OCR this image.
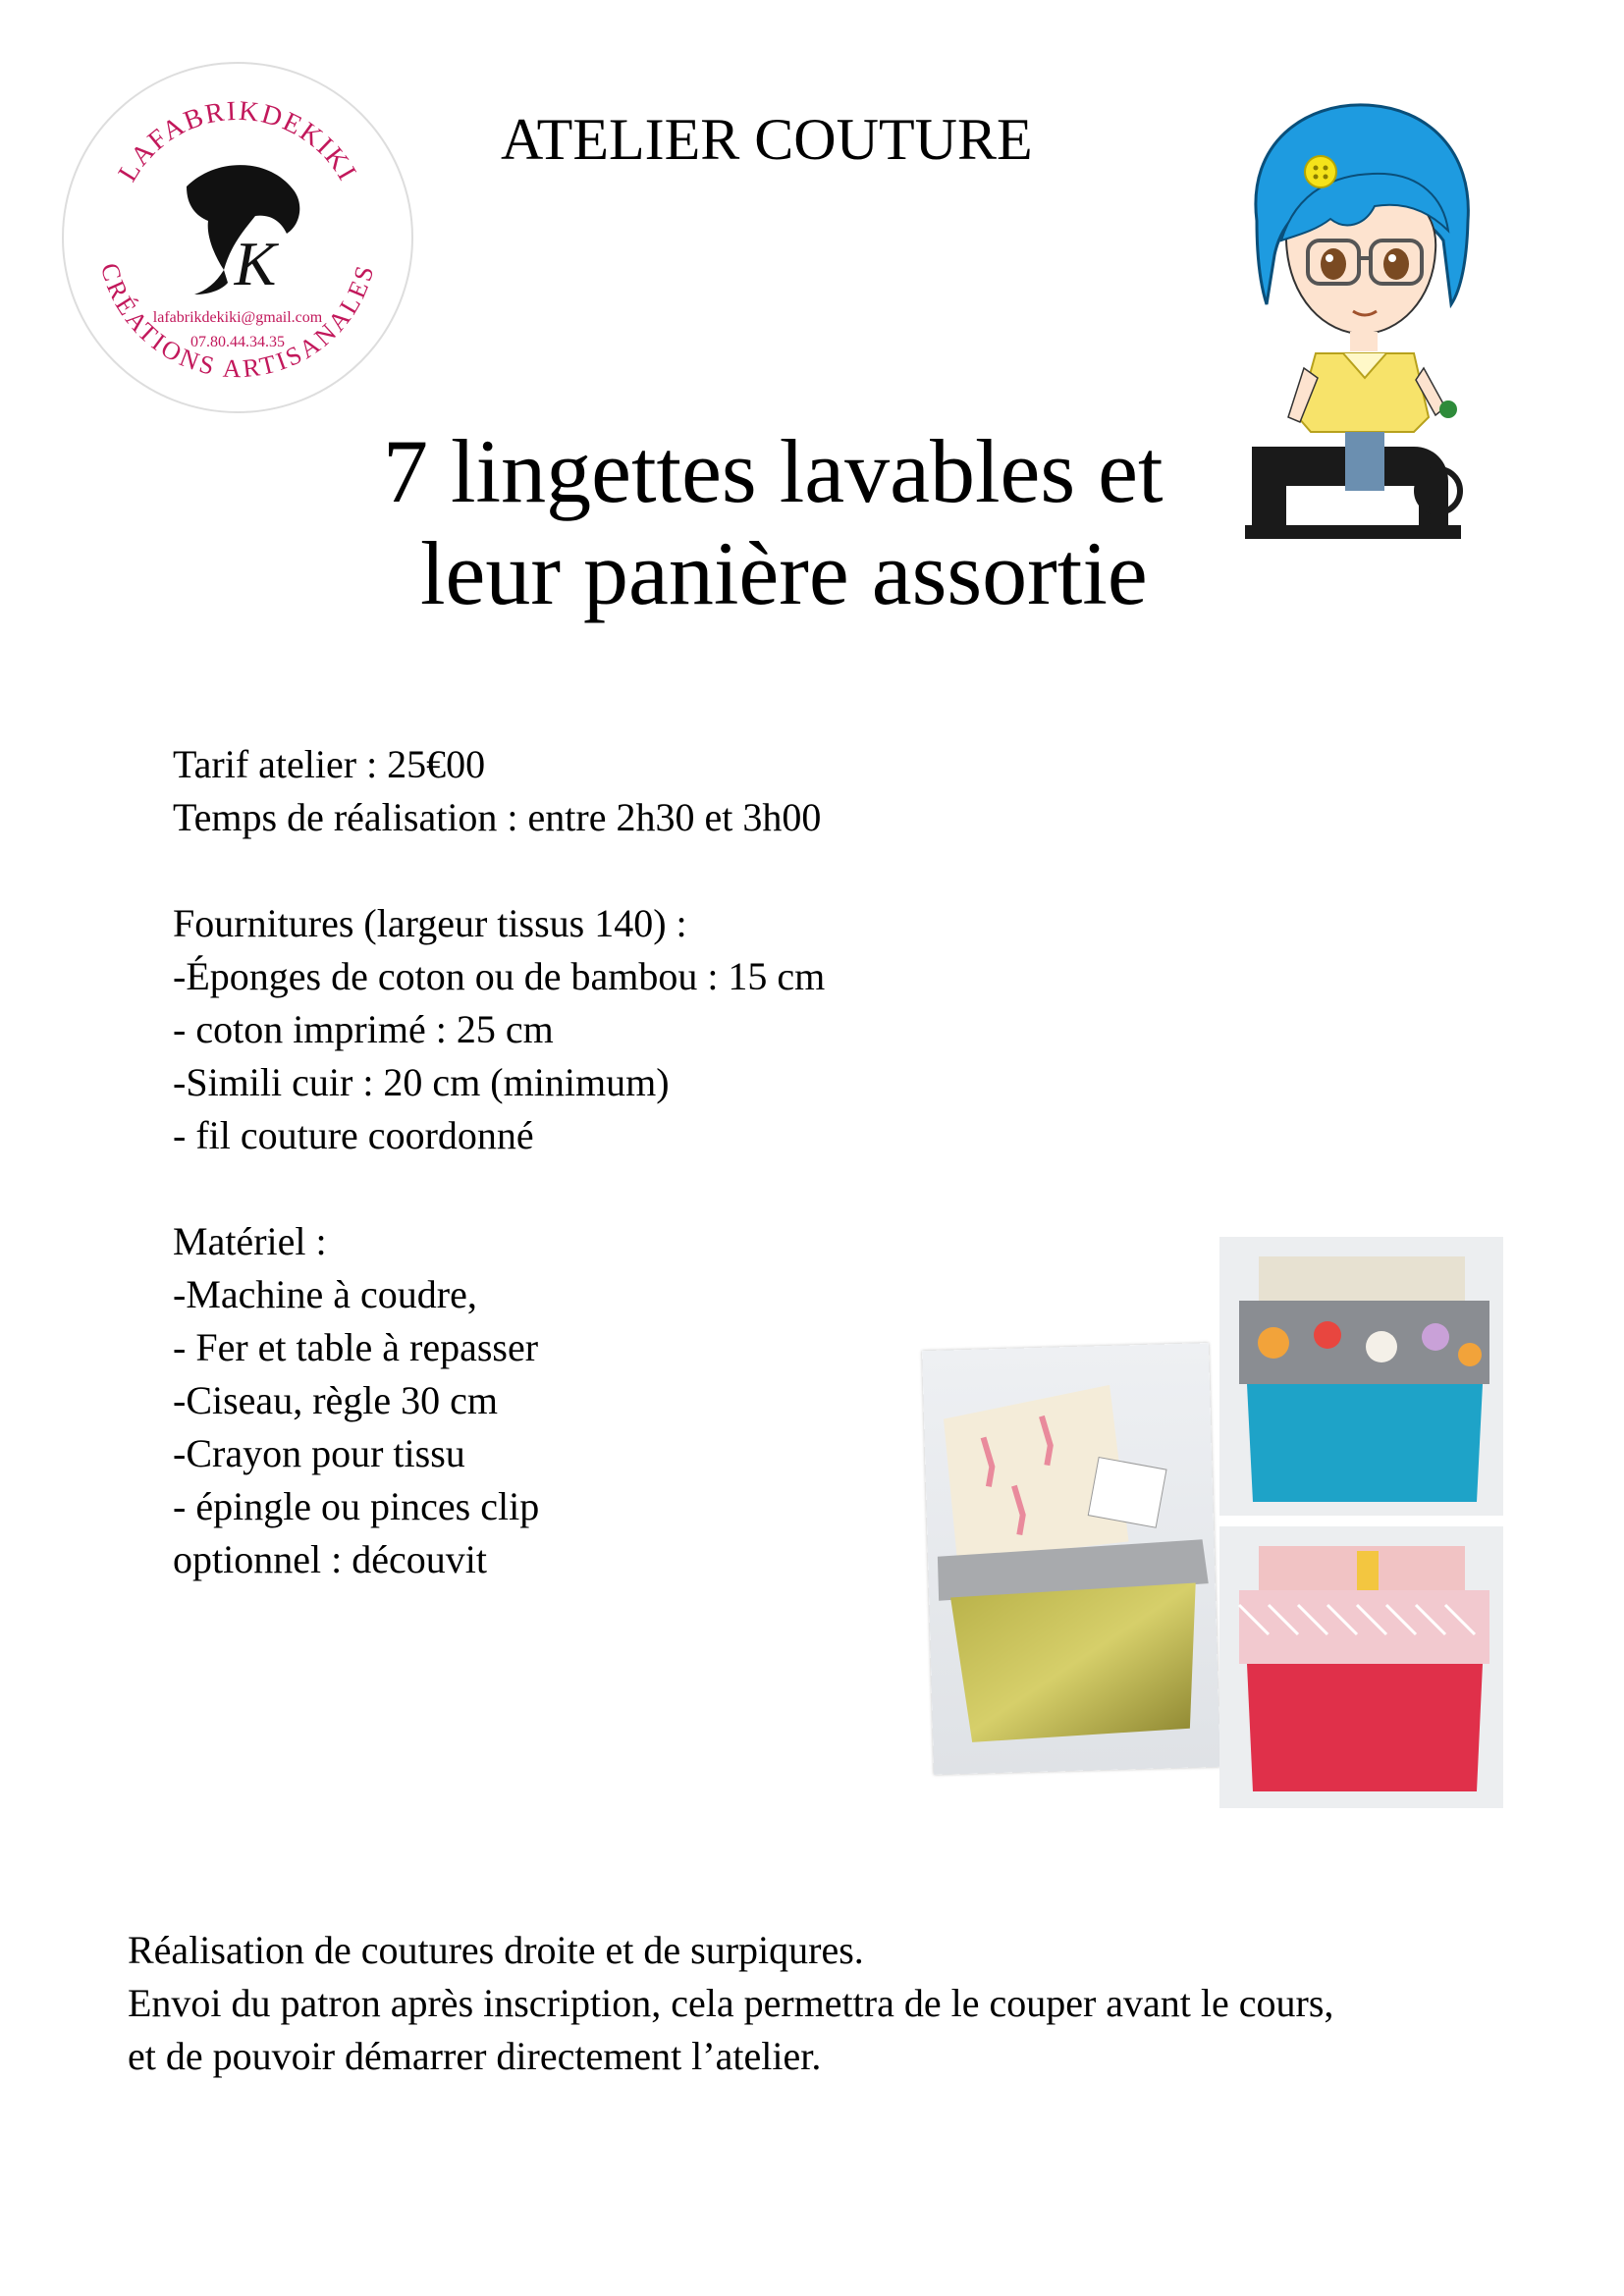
LAFABRIKDEKIKI
CRÉATIONS ARTISANALES
K
lafabrikdekiki@gmail.com
07.80.44.34.35
ATELIER COUTURE
7 lingettes lavables et
leur panière assortie
Tarif atelier : 25€00
Temps de réalisation : entre 2h30 et 3h00
Fournitures (largeur tissus 140) :
-Éponges de coton ou de bambou : 15 cm
- coton imprimé : 25 cm
-Simili cuir : 20 cm (minimum)
- fil couture coordonné
Matériel :
-Machine à coudre,
- Fer et table à repasser
-Ciseau, règle 30 cm
-Crayon pour tissu
- épingle ou pinces clip
optionnel : découvit
Réalisation de coutures droite et de surpiqures.
Envoi du patron après inscription, cela permettra de le couper avant le cours,
et de pouvoir démarrer directement l’atelier.
